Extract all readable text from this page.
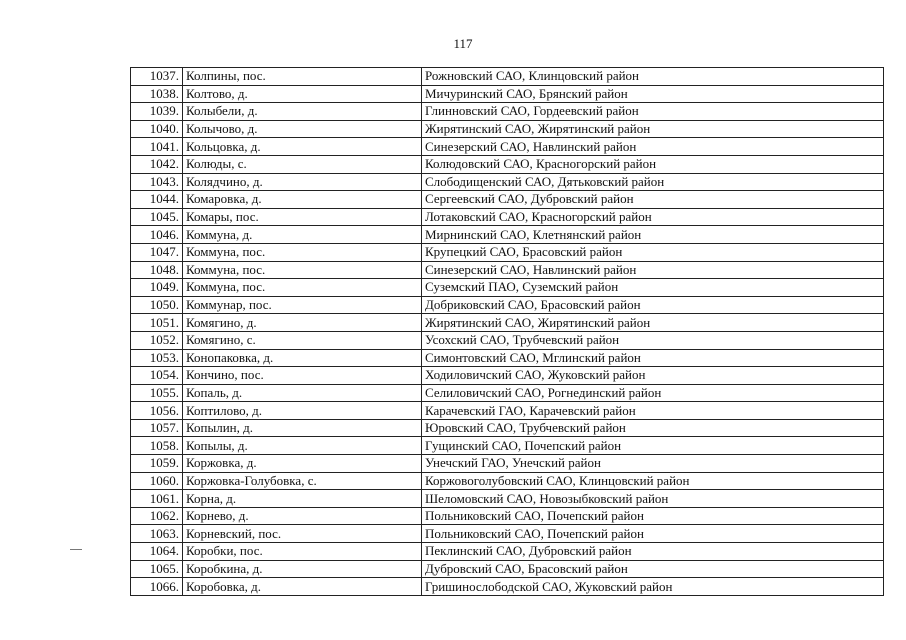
117
1037.	Колпины, пос.	Рожновский САО, Клинцовский район
1038.	Колтово, д.	Мичуринский САО, Брянский район
1039.	Колыбели, д.	Глинновский САО, Гордеевский район
1040.	Колычово, д.	Жирятинский САО, Жирятинский район
1041.	Кольцовка, д.	Синезерский САО, Навлинский район
1042.	Колюды, с.	Колюдовский САО, Красногорский район
1043.	Колядчино, д.	Слободищенский САО, Дятьковский район
1044.	Комаровка, д.	Сергеевский САО, Дубровский район
1045.	Комары, пос.	Лотаковский САО, Красногорский район
1046.	Коммуна, д.	Мирнинский САО, Клетнянский район
1047.	Коммуна, пос.	Крупецкий САО, Брасовский район
1048.	Коммуна, пос.	Синезерский САО, Навлинский район
1049.	Коммуна, пос.	Суземский ПАО, Суземский район
1050.	Коммунар, пос.	Добриковский САО, Брасовский район
1051.	Комягино, д.	Жирятинский САО, Жирятинский район
1052.	Комягино, с.	Усохский САО, Трубчевский район
1053.	Конопаковка, д.	Симонтовский САО, Мглинский район
1054.	Кончино, пос.	Ходиловичский САО, Жуковский район
1055.	Копаль, д.	Селиловичский САО, Рогнединский район
1056.	Коптилово, д.	Карачевский ГАО, Карачевский район
1057.	Копылин, д.	Юровский САО, Трубчевский район
1058.	Копылы, д.	Гущинский САО, Почепский район
1059.	Коржовка, д.	Унечский ГАО, Унечский район
1060.	Коржовка-Голубовка, с.	Коржовоголубовский САО, Клинцовский район
1061.	Корна, д.	Шеломовский САО, Новозыбковский район
1062.	Корнево, д.	Польниковский САО, Почепский район
1063.	Корневский, пос.	Польниковский САО, Почепский район
1064.	Коробки, пос.	Пеклинский САО, Дубровский район
1065.	Коробкина, д.	Дубровский САО, Брасовский район
1066.	Коробовка, д.	Гришинослободской САО, Жуковский район
